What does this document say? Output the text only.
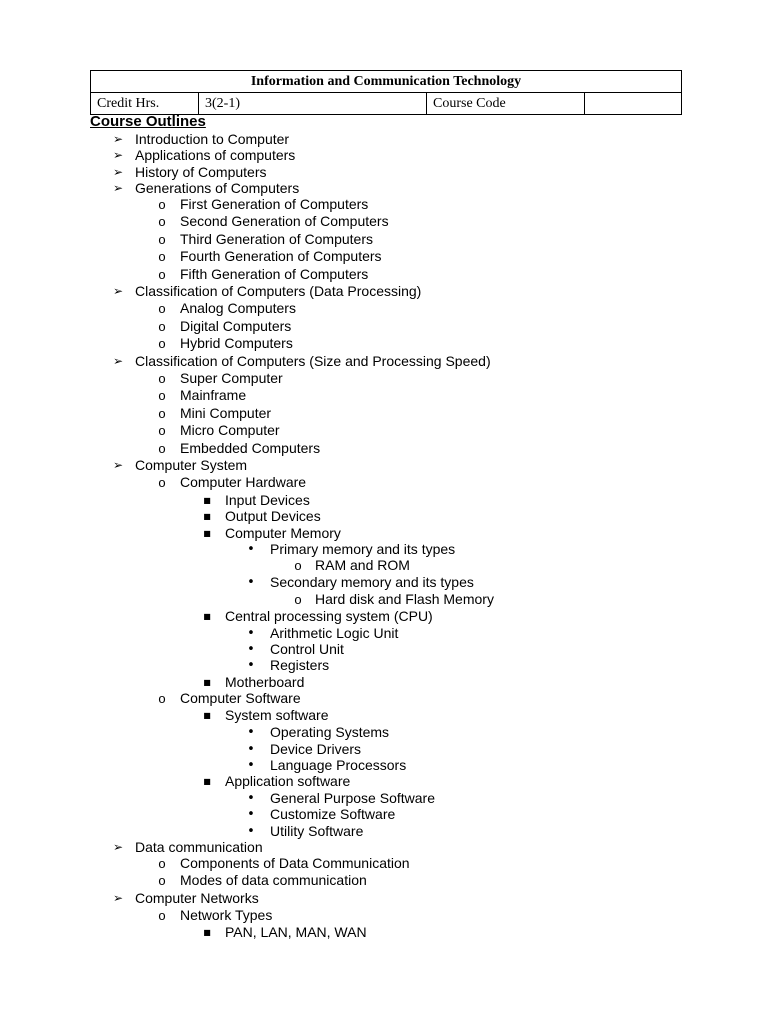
Information and Communication Technology
Credit Hrs.	3(2-1)	Course Code	
Course Outlines
➢ Introduction to Computer
➢ Applications of computers
➢ History of Computers
➢ Generations of Computers
o First Generation of Computers
o Second Generation of Computers
o Third Generation of Computers
o Fourth Generation of Computers
o Fifth Generation of Computers
➢ Classification of Computers (Data Processing)
o Analog Computers
o Digital Computers
o Hybrid Computers
➢ Classification of Computers (Size and Processing Speed)
o Super Computer
o Mainframe
o Mini Computer
o Micro Computer
o Embedded Computers
➢ Computer System
o Computer Hardware
■ Input Devices
■ Output Devices
■ Computer Memory
• Primary memory and its types
o RAM and ROM
• Secondary memory and its types
o Hard disk and Flash Memory
■ Central processing system (CPU)
• Arithmetic Logic Unit
• Control Unit
• Registers
■ Motherboard
o Computer Software
■ System software
• Operating Systems
• Device Drivers
• Language Processors
■ Application software
• General Purpose Software
• Customize Software
• Utility Software
➢ Data communication
o Components of Data Communication
o Modes of data communication
➢ Computer Networks
o Network Types
■ PAN, LAN, MAN, WAN
